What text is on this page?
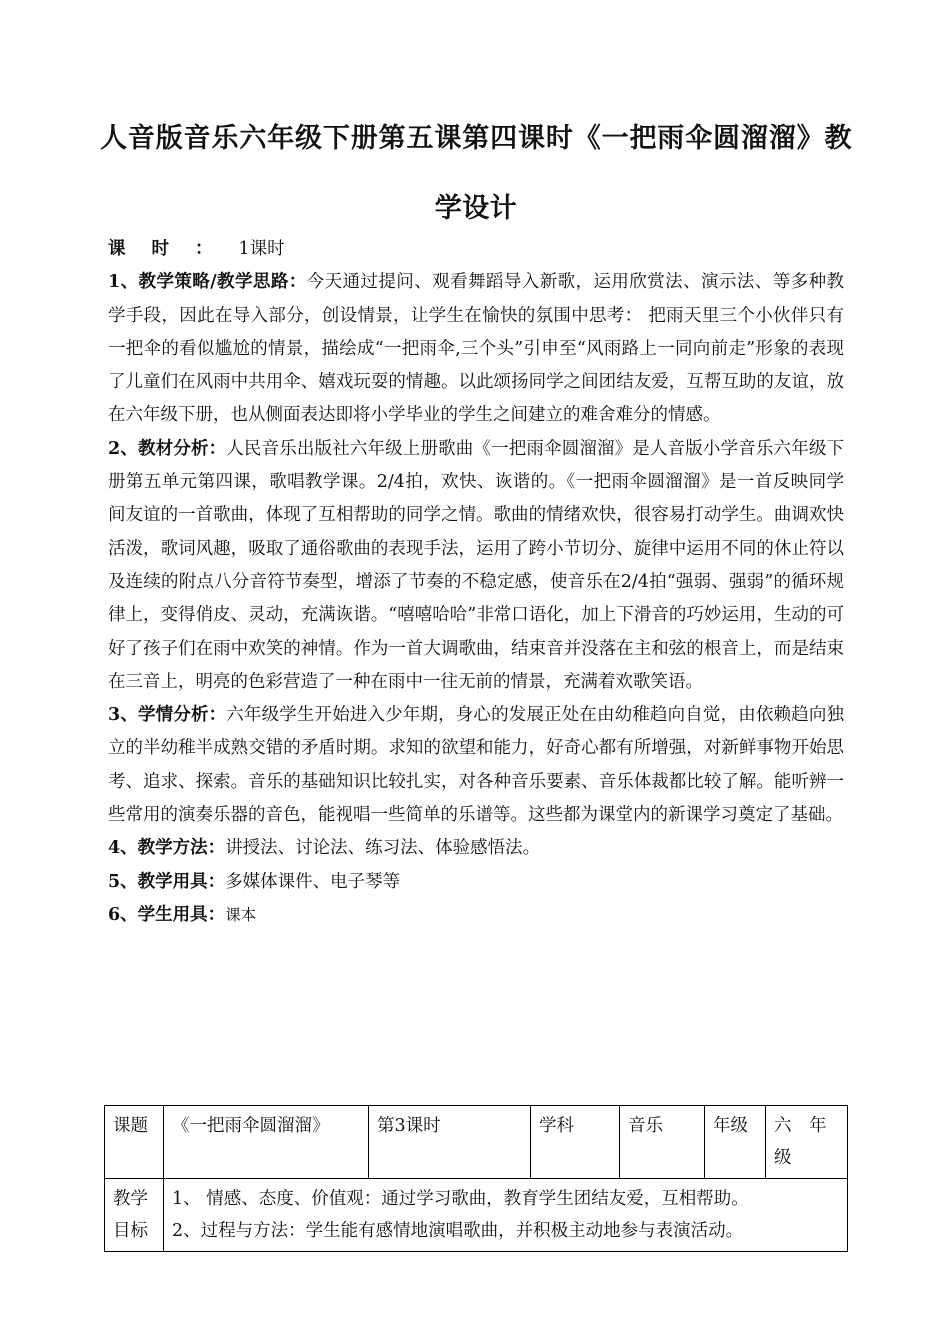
人音版音乐六年级下册第五课第四课时《一把雨伞圆溜溜》教学设计

课时：1课时

1、教学策略/教学思路：今天通过提问、观看舞蹈导入新歌，运用欣赏法、演示法、等多种教学手段，因此在导入部分，创设情景，让学生在愉快的氛围中思考： 把雨天里三个小伙伴只有一把伞的看似尴尬的情景，描绘成“一把雨伞,三个头”引申至“风雨路上一同向前走”形象的表现了儿童们在风雨中共用伞、嬉戏玩耍的情趣。以此颂扬同学之间团结友爱，互帮互助的友谊，放在六年级下册，也从侧面表达即将小学毕业的学生之间建立的难舍难分的情感。

2、教材分析：人民音乐出版社六年级上册歌曲《一把雨伞圆溜溜》是人音版小学音乐六年级下册第五单元第四课，歌唱教学课。2/4拍，欢快、诙谐的。《一把雨伞圆溜溜》是一首反映同学间友谊的一首歌曲，体现了互相帮助的同学之情。歌曲的情绪欢快，很容易打动学生。曲调欢快活泼，歌词风趣，吸取了通俗歌曲的表现手法，运用了跨小节切分、旋律中运用不同的休止符以及连续的附点八分音符节奏型，增添了节奏的不稳定感，使音乐在2/4拍“强弱、强弱”的循环规律上，变得俏皮、灵动，充满诙谐。“嘻嘻哈哈”非常口语化，加上下滑音的巧妙运用，生动的可好了孩子们在雨中欢笑的神情。作为一首大调歌曲，结束音并没落在主和弦的根音上，而是结束在三音上，明亮的色彩营造了一种在雨中一往无前的情景，充满着欢歌笑语。

3、学情分析：六年级学生开始进入少年期，身心的发展正处在由幼稚趋向自觉，由依赖趋向独立的半幼稚半成熟交错的矛盾时期。求知的欲望和能力，好奇心都有所增强，对新鲜事物开始思考、追求、探索。音乐的基础知识比较扎实，对各种音乐要素、音乐体裁都比较了解。能听辨一些常用的演奏乐器的音色，能视唱一些简单的乐谱等。这些都为课堂内的新课学习奠定了基础。

4、教学方法：讲授法、讨论法、练习法、体验感悟法。

5、教学用具：多媒体课件、电子琴等

6、学生用具：课本

课题	《一把雨伞圆溜溜》	第3课时	学科	音乐	年级	六　年级
教学目标	1、 情感、态度、价值观：通过学习歌曲，教育学生团结友爱，互相帮助。
2、过程与方法：学生能有感情地演唱歌曲，并积极主动地参与表演活动。					
